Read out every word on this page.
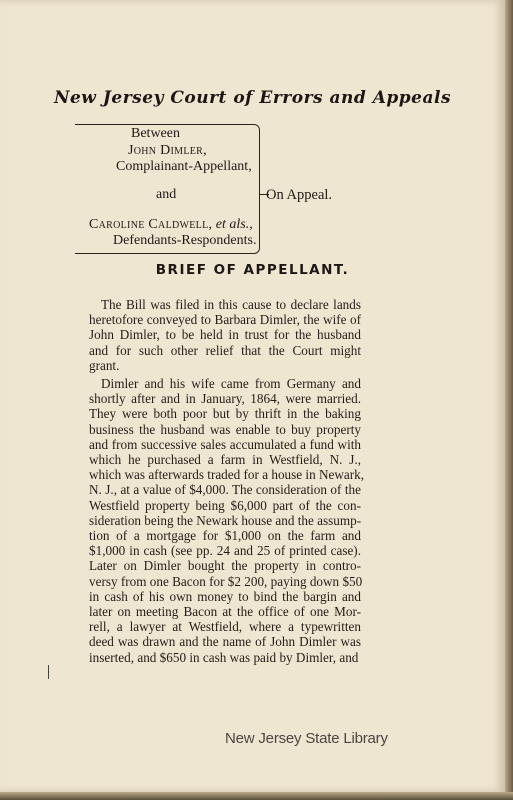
New Jersey Court of Errors and Appeals
Between
John Dimler,
Complainant-Appellant,
and
Caroline Caldwell, et als.,
Defendants-Respondents.
On Appeal.
BRIEF OF APPELLANT.
The Bill was filed in this cause to declare lands
heretofore conveyed to Barbara Dimler, the wife of
John Dimler, to be held in trust for the husband
and for such other relief that the Court might
grant.
Dimler and his wife came from Germany and
shortly after and in January, 1864, were married.
They were both poor but by thrift in the baking
business the husband was enable to buy property
and from successive sales accumulated a fund with
which he purchased a farm in Westfield, N. J.,
which was afterwards traded for a house in Newark,
N. J., at a value of $4,000. The consideration of the
Westfield property being $6,000 part of the con-
sideration being the Newark house and the assump-
tion of a mortgage for $1,000 on the farm and
$1,000 in cash (see pp. 24 and 25 of printed case).
Later on Dimler bought the property in contro-
versy from one Bacon for $2 200, paying down $50
in cash of his own money to bind the bargin and
later on meeting Bacon at the office of one Mor-
rell, a lawyer at Westfield, where a typewritten
deed was drawn and the name of John Dimler was
inserted, and $650 in cash was paid by Dimler, and
New Jersey State Library
